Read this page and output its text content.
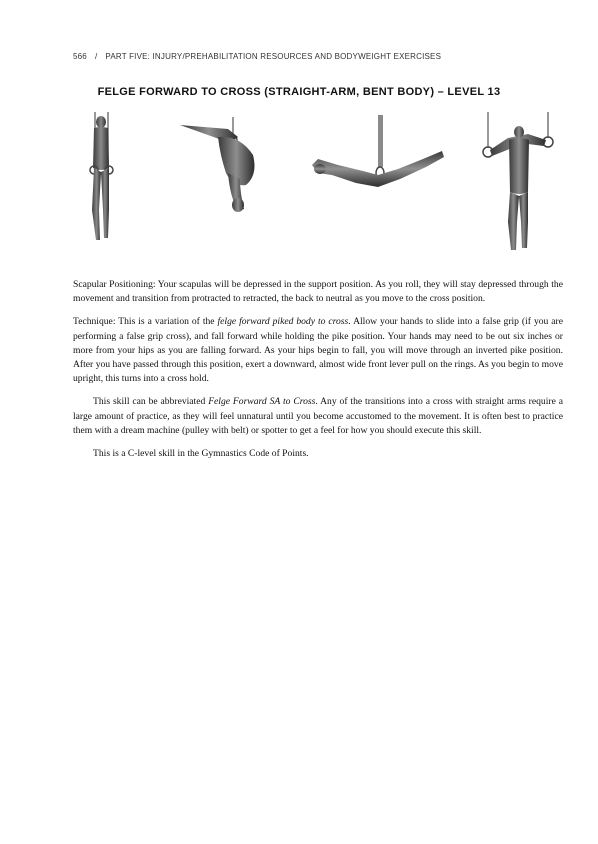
566 / PART FIVE: INJURY/PREHABILITATION RESOURCES AND BODYWEIGHT EXERCISES
FELGE FORWARD TO CROSS (STRAIGHT-ARM, BENT BODY) – LEVEL 13

Scapular Positioning: Your scapulas will be depressed in the support position. As you roll, they will stay depressed through the movement and transition from protracted to retracted, the back to neutral as you move to the cross position.

Technique: This is a variation of the felge forward piked body to cross. Allow your hands to slide into a false grip (if you are performing a false grip cross), and fall forward while holding the pike position. Your hands may need to be out six inches or more from your hips as you are falling forward. As your hips begin to fall, you will move through an inverted pike position. After you have passed through this position, exert a downward, almost wide front lever pull on the rings. As you begin to move upright, this turns into a cross hold.

This skill can be abbreviated Felge Forward SA to Cross. Any of the transitions into a cross with straight arms require a large amount of practice, as they will feel unnatural until you become accustomed to the movement. It is often best to practice them with a dream machine (pulley with belt) or spotter to get a feel for how you should execute this skill.

This is a C-level skill in the Gymnastics Code of Points.
